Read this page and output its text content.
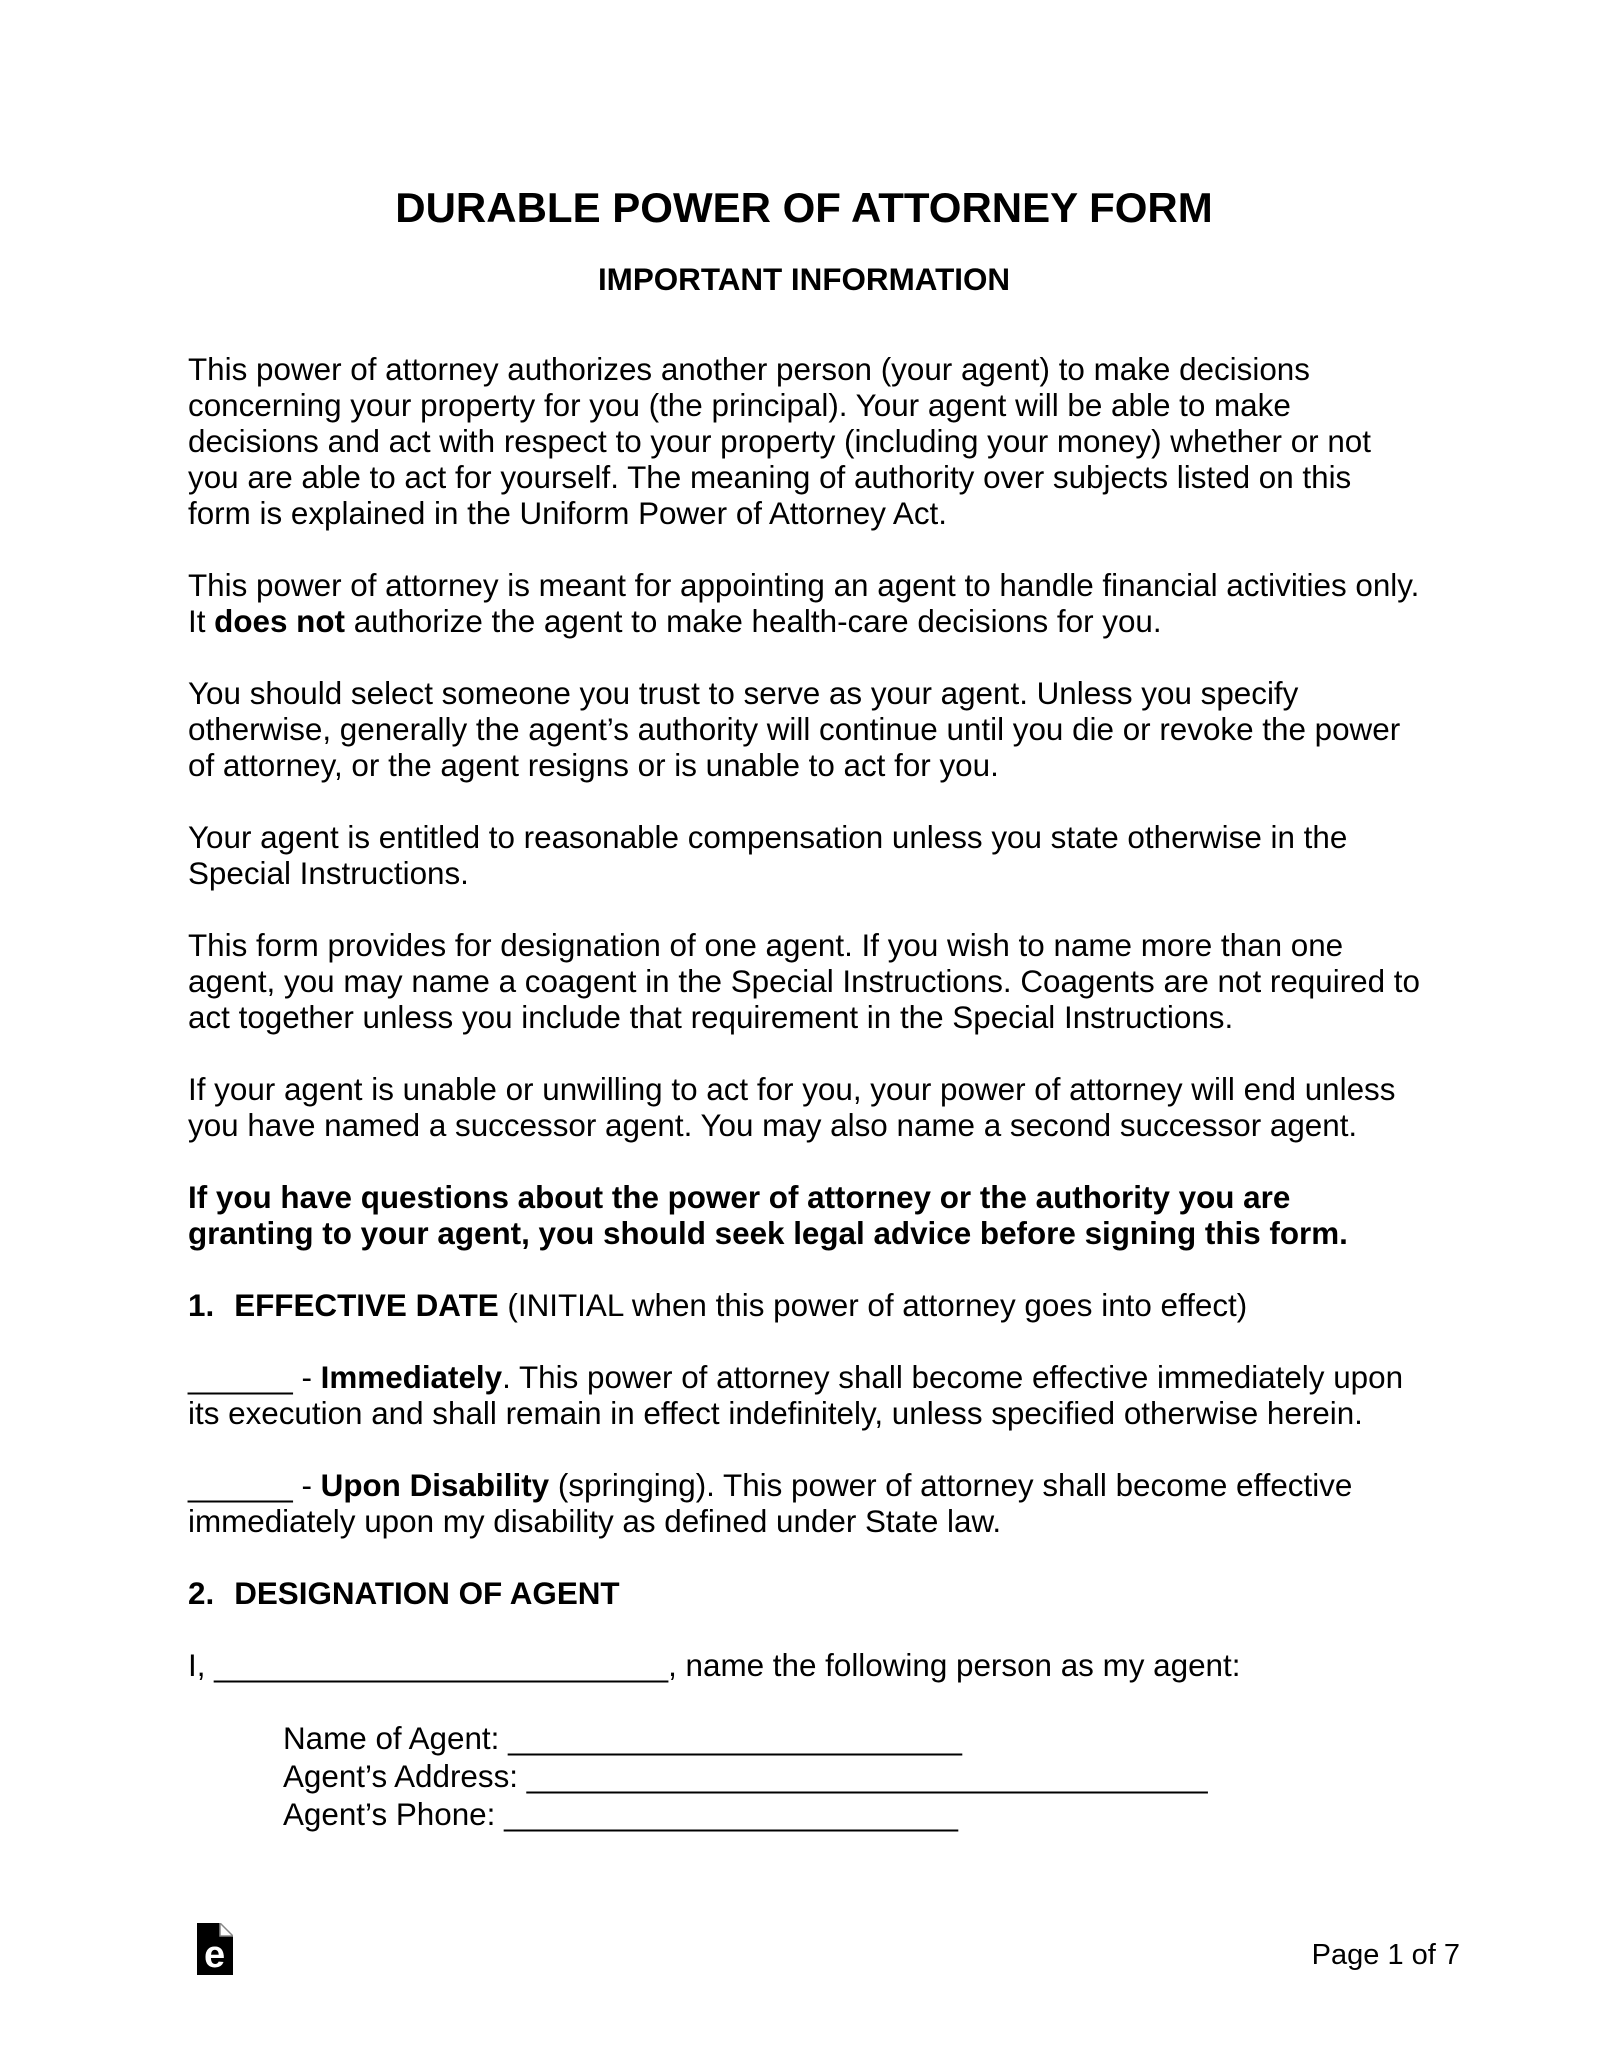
DURABLE POWER OF ATTORNEY FORM
IMPORTANT INFORMATION

This power of attorney authorizes another person (your agent) to make decisions concerning your property for you (the principal). Your agent will be able to make decisions and act with respect to your property (including your money) whether or not you are able to act for yourself. The meaning of authority over subjects listed on this form is explained in the Uniform Power of Attorney Act.

This power of attorney is meant for appointing an agent to handle financial activities only. It does not authorize the agent to make health-care decisions for you.

You should select someone you trust to serve as your agent. Unless you specify otherwise, generally the agent’s authority will continue until you die or revoke the power of attorney, or the agent resigns or is unable to act for you.

Your agent is entitled to reasonable compensation unless you state otherwise in the Special Instructions.

This form provides for designation of one agent. If you wish to name more than one agent, you may name a coagent in the Special Instructions. Coagents are not required to act together unless you include that requirement in the Special Instructions.

If your agent is unable or unwilling to act for you, your power of attorney will end unless you have named a successor agent. You may also name a second successor agent.

If you have questions about the power of attorney or the authority you are granting to your agent, you should seek legal advice before signing this form.

1. EFFECTIVE DATE (INITIAL when this power of attorney goes into effect)

______ - Immediately. This power of attorney shall become effective immediately upon its execution and shall remain in effect indefinitely, unless specified otherwise herein.

______ - Upon Disability (springing). This power of attorney shall become effective immediately upon my disability as defined under State law.

2. DESIGNATION OF AGENT

I, __________________________, name the following person as my agent:

Name of Agent: __________________________
Agent’s Address: _______________________________________
Agent’s Phone: __________________________
e	Page 1 of 7
